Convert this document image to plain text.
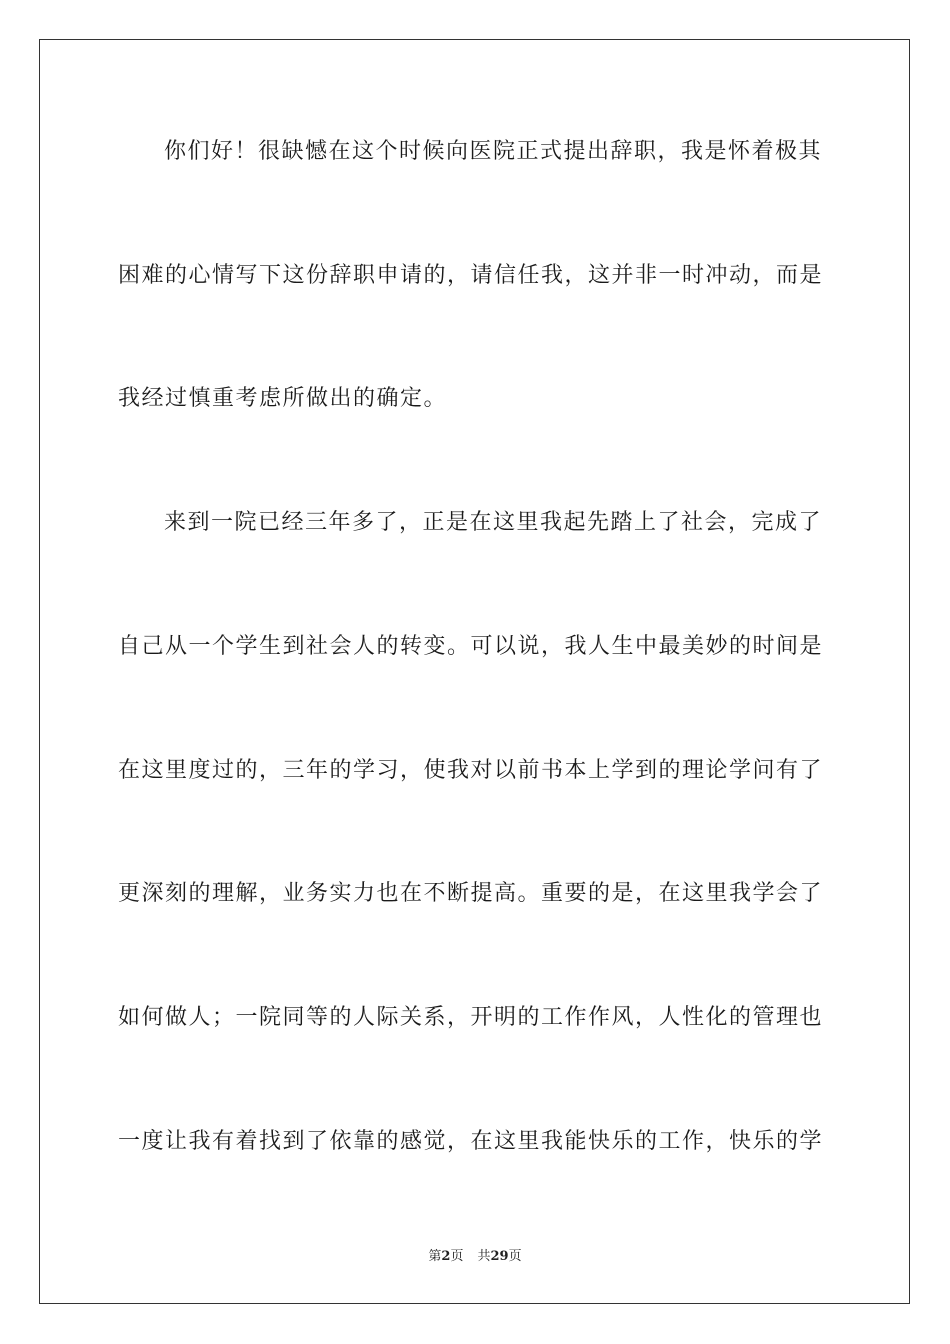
你们好！很缺憾在这个时候向医院正式提出辞职，我是怀着极其
困难的心情写下这份辞职申请的，请信任我，这并非一时冲动，而是
我经过慎重考虑所做出的确定。
来到一院已经三年多了，正是在这里我起先踏上了社会，完成了
自己从一个学生到社会人的转变。可以说，我人生中最美妙的时间是
在这里度过的，三年的学习，使我对以前书本上学到的理论学问有了
更深刻的理解，业务实力也在不断提高。重要的是，在这里我学会了
如何做人；一院同等的人际关系，开明的工作作风，人性化的管理也
一度让我有着找到了依靠的感觉，在这里我能快乐的工作，快乐的学
第2页 共29页
